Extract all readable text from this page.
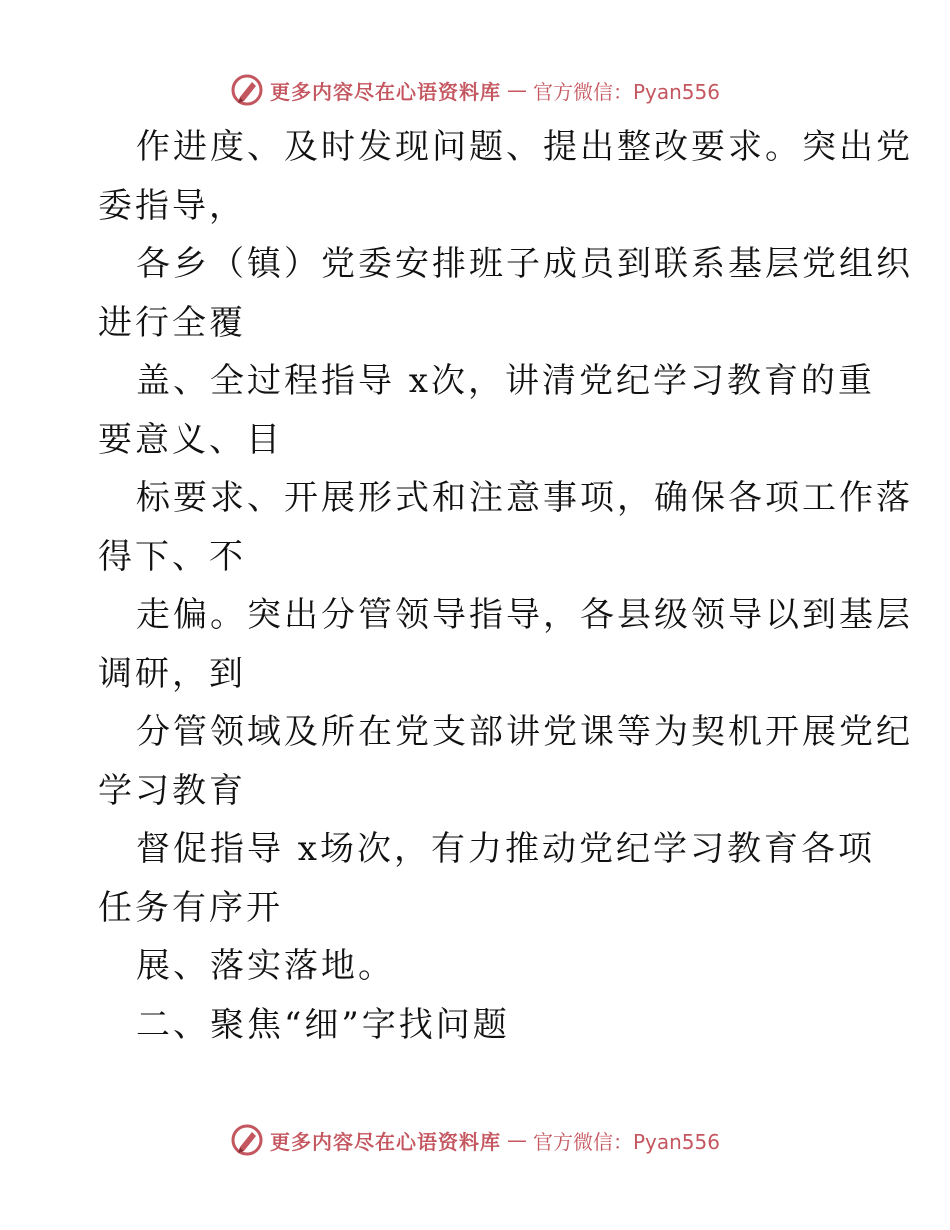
更多内容尽在心语资料库 — 官方微信：Pyan556
作进度、及时发现问题、提出整改要求。突出党
委指导，
各乡（镇）党委安排班子成员到联系基层党组织
进行全覆
盖、全过程指导 x次，讲清党纪学习教育的重
要意义、目
标要求、开展形式和注意事项，确保各项工作落
得下、不
走偏。突出分管领导指导，各县级领导以到基层
调研，到
分管领域及所在党支部讲党课等为契机开展党纪
学习教育
督促指导 x场次，有力推动党纪学习教育各项
任务有序开
展、落实落地。
二、聚焦“细”字找问题
更多内容尽在心语资料库 — 官方微信：Pyan556
